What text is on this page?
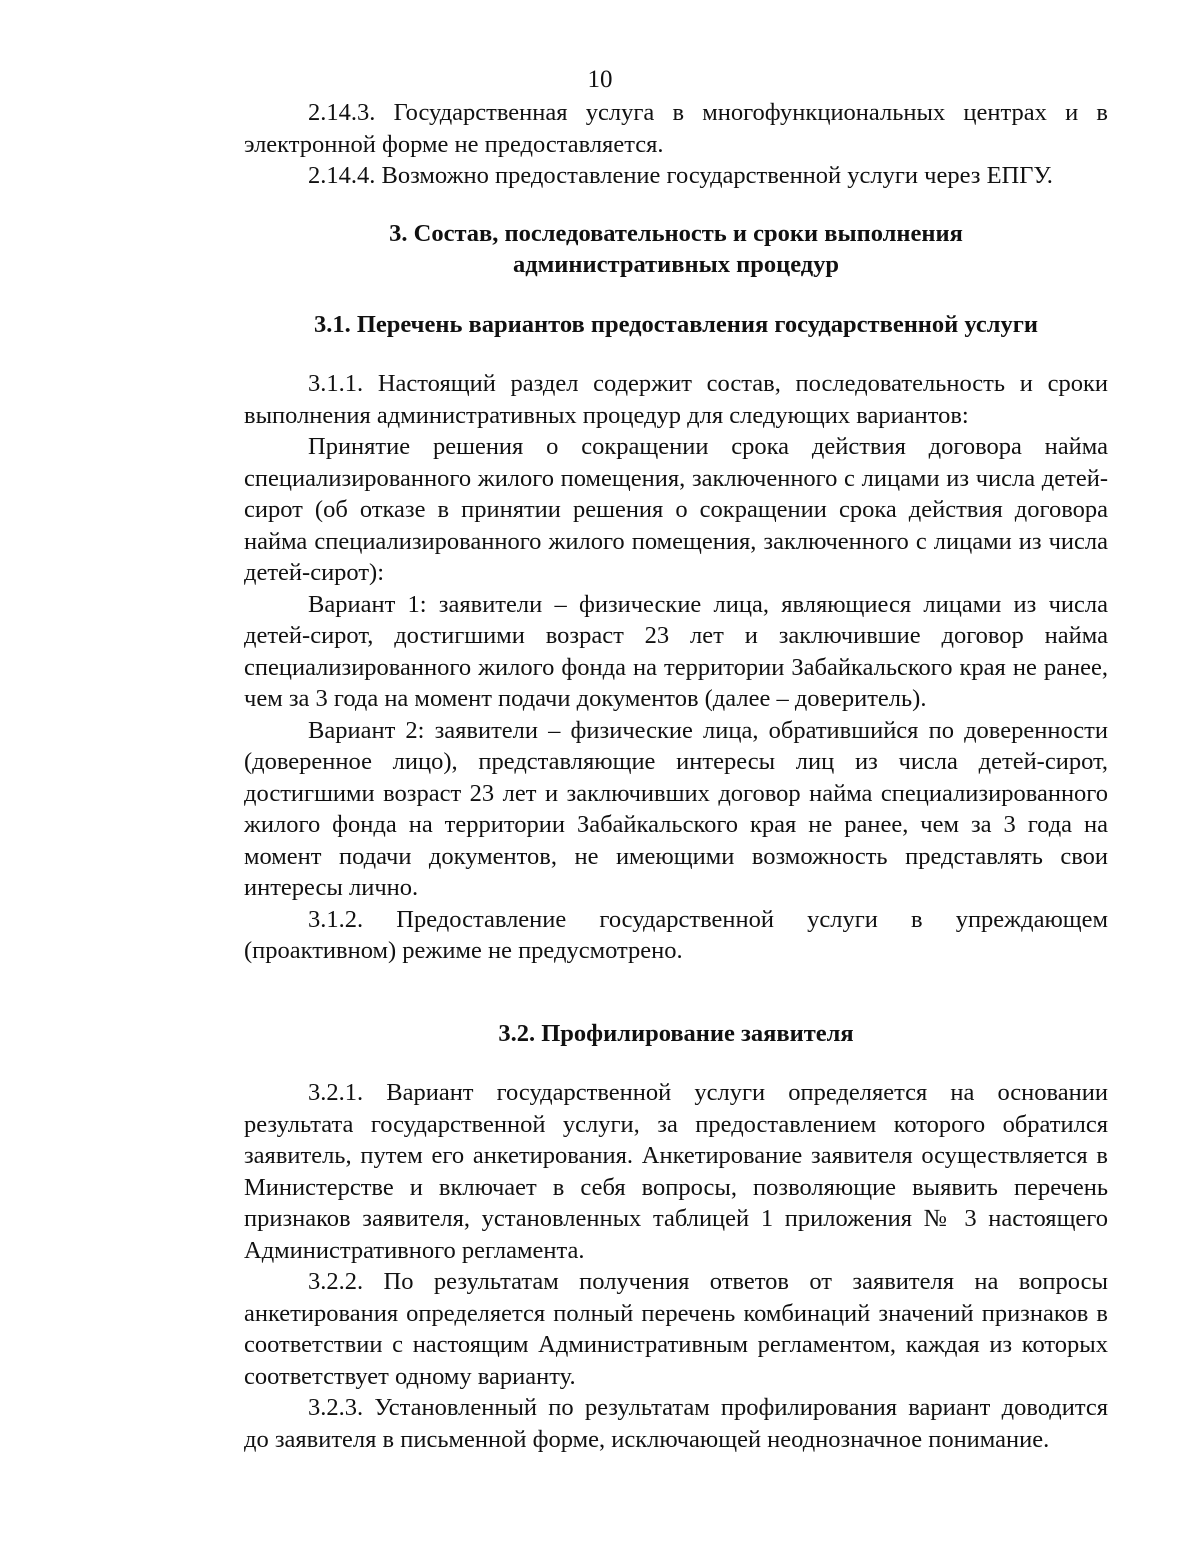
10

2.14.3. Государственная услуга в многофункциональных центрах и в электронной форме не предоставляется.

2.14.4. Возможно предоставление государственной услуги через ЕПГУ.

3. Состав, последовательность и сроки выполнения
административных процедур
3.1. Перечень вариантов предоставления государственной услуги

3.1.1. Настоящий раздел содержит состав, последовательность и сроки выполнения административных процедур для следующих вариантов:

Принятие решения о сокращении срока действия договора найма специализированного жилого помещения, заключенного с лицами из числа детей-сирот (об отказе в принятии решения о сокращении срока действия договора найма специализированного жилого помещения, заключенного с лицами из числа детей-сирот):

Вариант 1: заявители – физические лица, являющиеся лицами из числа детей-сирот, достигшими возраст 23 лет и заключившие договор найма специализированного жилого фонда на территории Забайкальского края не ранее, чем за 3 года на момент подачи документов (далее – доверитель).

Вариант 2: заявители – физические лица, обратившийся по доверенности (доверенное лицо), представляющие интересы лиц из числа детей-сирот, достигшими возраст 23 лет и заключивших договор найма специализированного жилого фонда на территории Забайкальского края не ранее, чем за 3 года на момент подачи документов, не имеющими возможность представлять свои интересы лично.

3.1.2. Предоставление государственной услуги в упреждающем (проактивном) режиме не предусмотрено.

3.2. Профилирование заявителя

3.2.1. Вариант государственной услуги определяется на основании результата государственной услуги, за предоставлением которого обратился заявитель, путем его анкетирования. Анкетирование заявителя осуществляется в Министерстве и включает в себя вопросы, позволяющие выявить перечень признаков заявителя, установленных таблицей 1 приложения № 3 настоящего Административного регламента.

3.2.2. По результатам получения ответов от заявителя на вопросы анкетирования определяется полный перечень комбинаций значений признаков в соответствии с настоящим Административным регламентом, каждая из которых соответствует одному варианту.

3.2.3. Установленный по результатам профилирования вариант доводится до заявителя в письменной форме, исключающей неоднозначное понимание.
